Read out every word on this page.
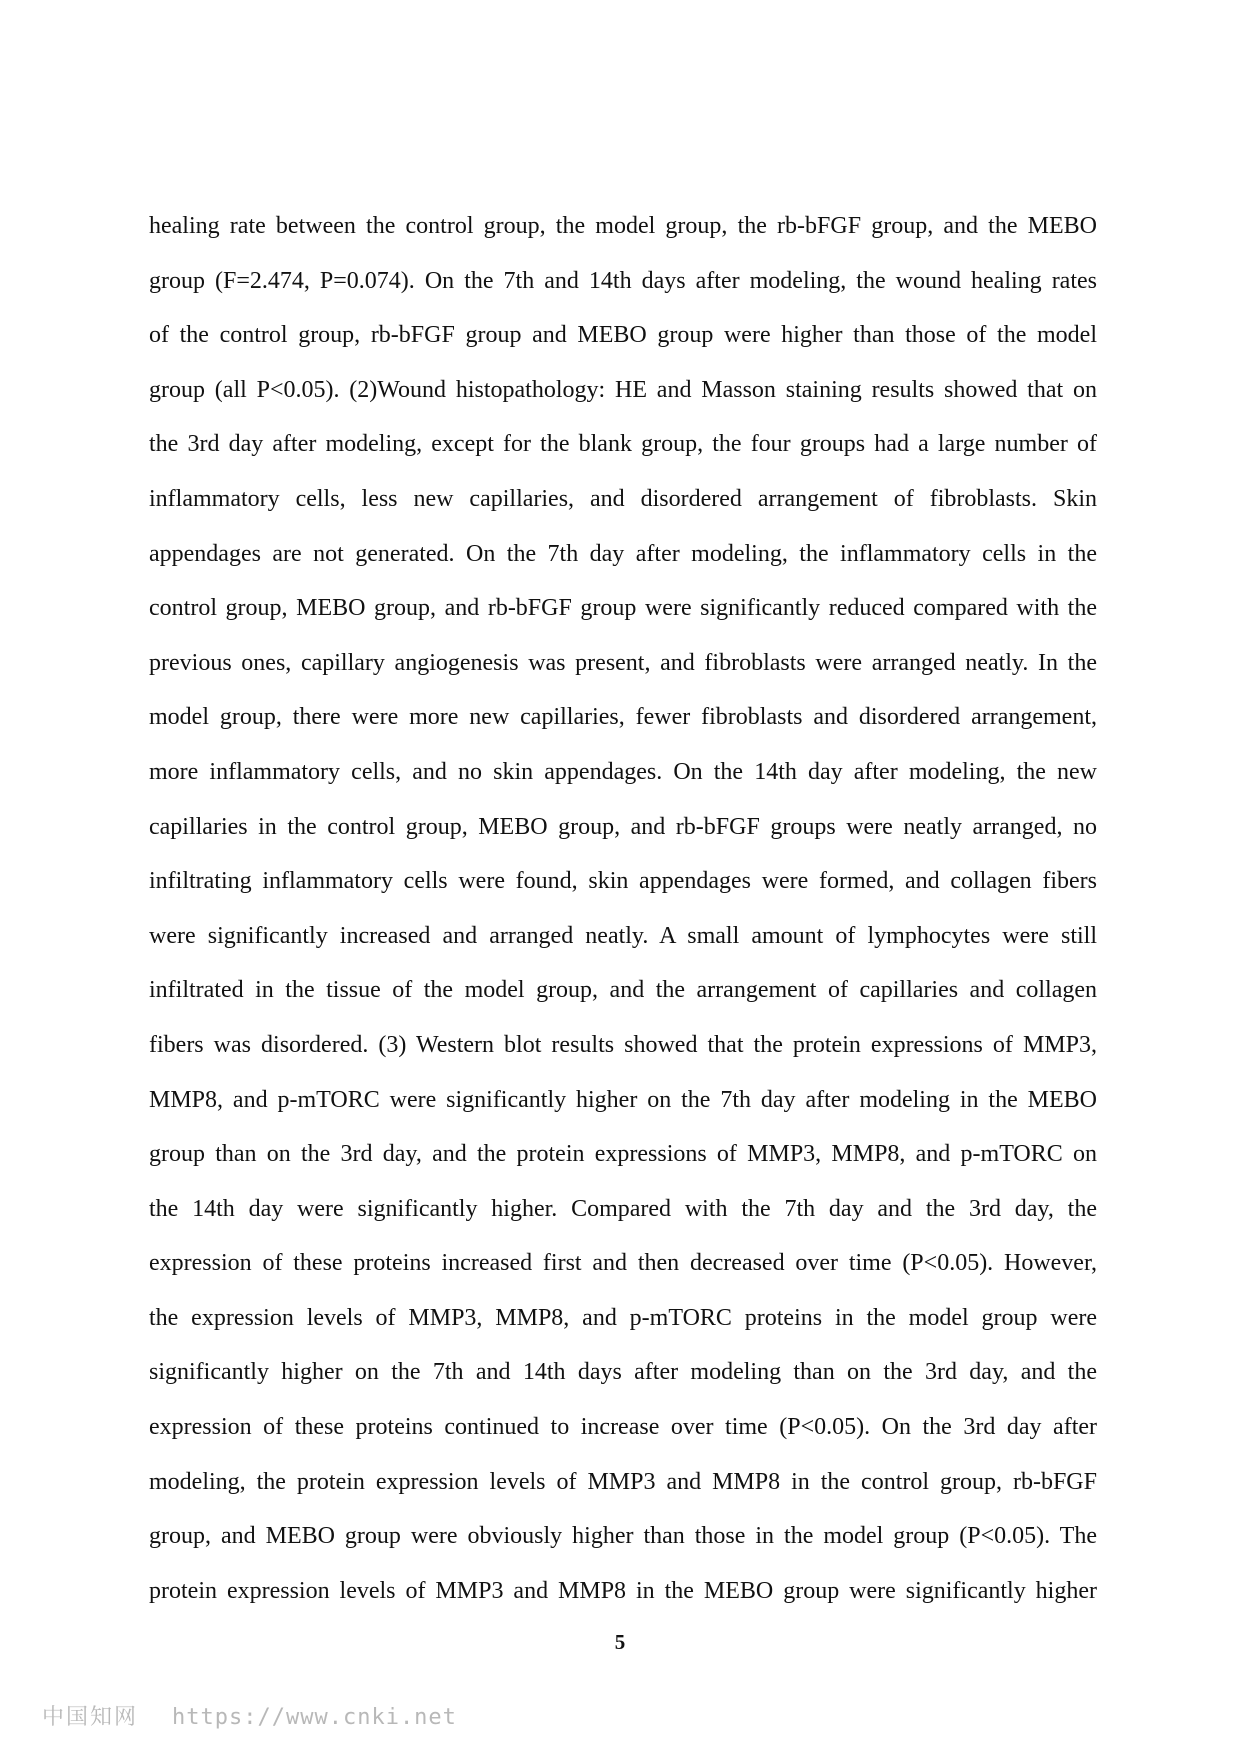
healing rate between the control group, the model group, the rb-bFGF group, and the MEBO
group (F=2.474, P=0.074). On the 7th and 14th days after modeling, the wound healing rates
of the control group, rb-bFGF group and MEBO group were higher than those of the model
group (all P<0.05). (2)Wound histopathology: HE and Masson staining results showed that on
the 3rd day after modeling, except for the blank group, the four groups had a large number of
inflammatory cells, less new capillaries, and disordered arrangement of fibroblasts. Skin
appendages are not generated. On the 7th day after modeling, the inflammatory cells in the
control group, MEBO group, and rb-bFGF group were significantly reduced compared with the
previous ones, capillary angiogenesis was present, and fibroblasts were arranged neatly. In the
model group, there were more new capillaries, fewer fibroblasts and disordered arrangement,
more inflammatory cells, and no skin appendages. On the 14th day after modeling, the new
capillaries in the control group, MEBO group, and rb-bFGF groups were neatly arranged, no
infiltrating inflammatory cells were found, skin appendages were formed, and collagen fibers
were significantly increased and arranged neatly. A small amount of lymphocytes were still
infiltrated in the tissue of the model group, and the arrangement of capillaries and collagen
fibers was disordered. (3) Western blot results showed that the protein expressions of MMP3,
MMP8, and p-mTORC were significantly higher on the 7th day after modeling in the MEBO
group than on the 3rd day, and the protein expressions of MMP3, MMP8, and p-mTORC on
the 14th day were significantly higher. Compared with the 7th day and the 3rd day, the
expression of these proteins increased first and then decreased over time (P<0.05). However,
the expression levels of MMP3, MMP8, and p-mTORC proteins in the model group were
significantly higher on the 7th and 14th days after modeling than on the 3rd day, and the
expression of these proteins continued to increase over time (P<0.05). On the 3rd day after
modeling, the protein expression levels of MMP3 and MMP8 in the control group, rb-bFGF
group, and MEBO group were obviously higher than those in the model group (P<0.05). The
protein expression levels of MMP3 and MMP8 in the MEBO group were significantly higher
5
中国知网 https://www.cnki.net
